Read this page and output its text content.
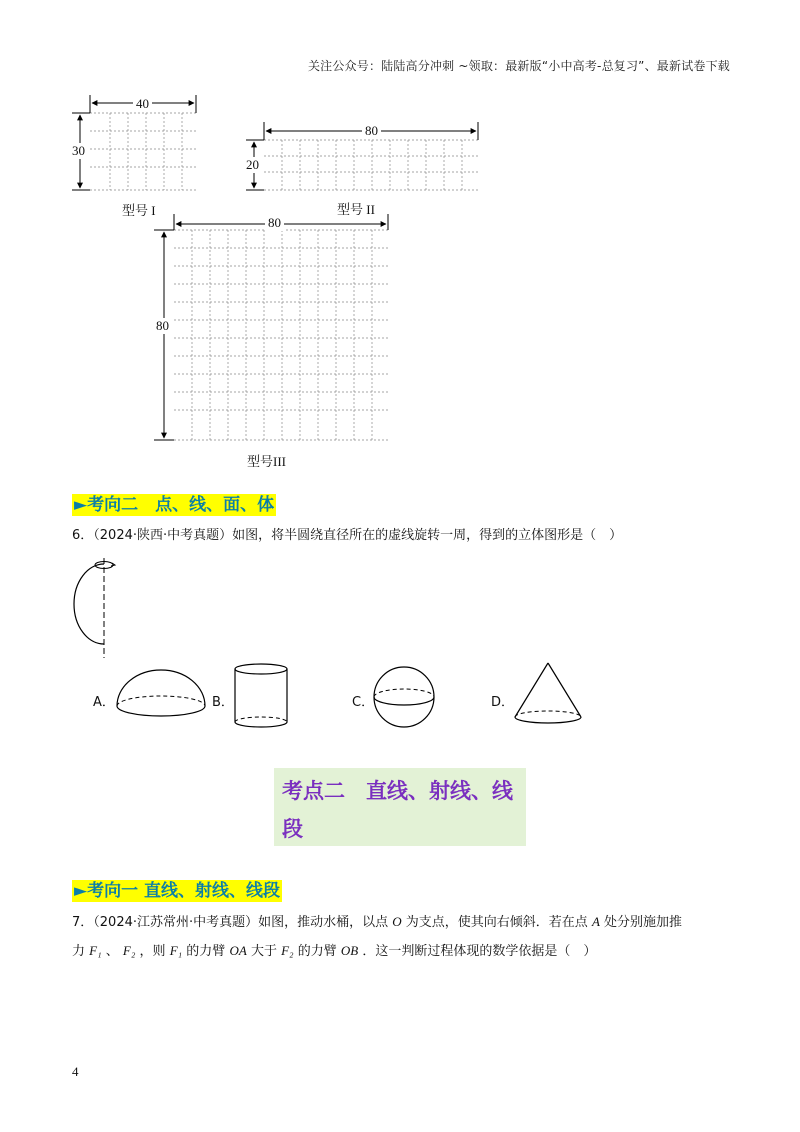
关注公众号：陆陆高分冲刺 ~领取：最新版“小中高考-总复习”、最新试卷下载
40
30
型号 I
80
20
型号 II
80
80
型号III
►考向二　点、线、面、体
6．（2024·陕西·中考真题）如图，将半圆绕直径所在的虚线旋转一周，得到的立体图形是（　）
A．	B．	C．	D．
考点二　直线、射线、线
段
►考向一 直线、射线、线段
7．（2024·江苏常州·中考真题）如图，推动水桶，以点 O 为支点，使其向右倾斜．若在点 A 处分别施加推
力 F₁ 、 F₂ ，则 F₁ 的力臂 OA 大于 F₂ 的力臂 OB ．这一判断过程体现的数学依据是（　）
4
